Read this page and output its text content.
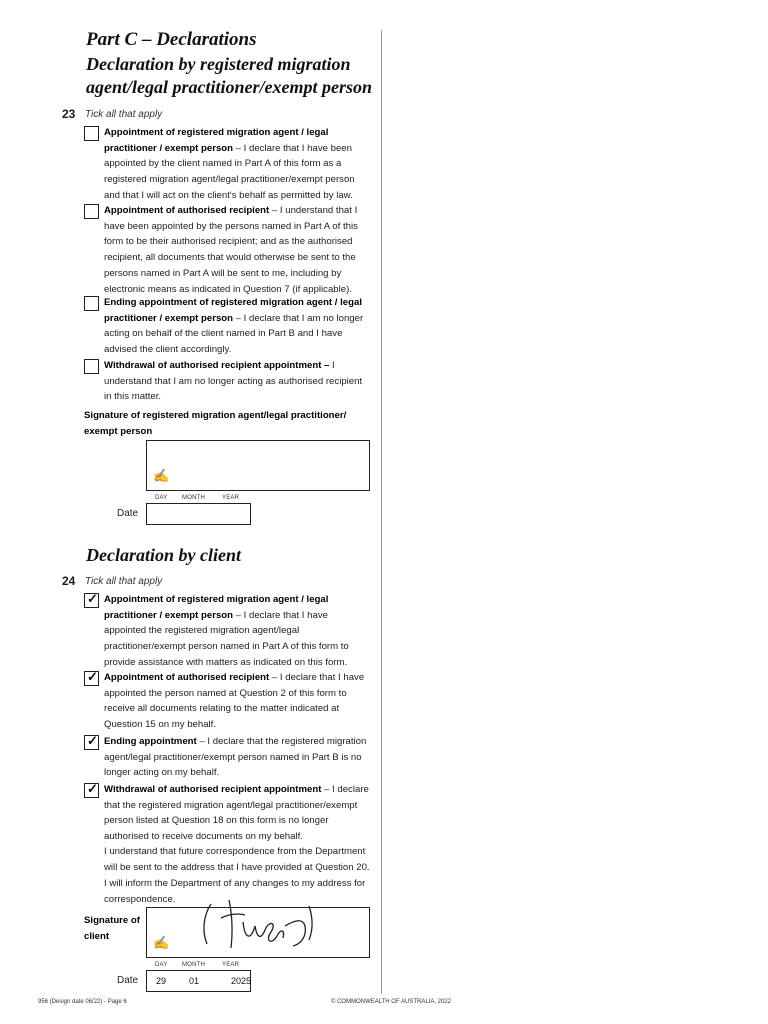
Part C – Declarations
Declaration by registered migration agent/legal practitioner/exempt person
23 Tick all that apply
Appointment of registered migration agent / legal practitioner / exempt person – I declare that I have been appointed by the client named in Part A of this form as a registered migration agent/legal practitioner/exempt person and that I will act on the client's behalf as permitted by law.
Appointment of authorised recipient – I understand that I have been appointed by the persons named in Part A of this form to be their authorised recipient; and as the authorised recipient, all documents that would otherwise be sent to the persons named in Part A will be sent to me, including by electronic means as indicated in Question 7 (if applicable).
Ending appointment of registered migration agent / legal practitioner / exempt person – I declare that I am no longer acting on behalf of the client named in Part B and I have advised the client accordingly.
Withdrawal of authorised recipient appointment – I understand that I am no longer acting as authorised recipient in this matter.
Signature of registered migration agent/legal practitioner/ exempt person
✍
DAY MONTH	YEAR
Date
Declaration by client
24 Tick all that apply
✓ Appointment of registered migration agent / legal practitioner / exempt person – I declare that I have appointed the registered migration agent/legal practitioner/exempt person named in Part A of this form to provide assistance with matters as indicated on this form.
✓ Appointment of authorised recipient – I declare that I have appointed the person named at Question 2 of this form to receive all documents relating to the matter indicated at Question 15 on my behalf.
✓ Ending appointment – I declare that the registered migration agent/legal practitioner/exempt person named in Part B is no longer acting on my behalf.
✓ Withdrawal of authorised recipient appointment – I declare that the registered migration agent/legal practitioner/exempt person listed at Question 18 on this form is no longer authorised to receive documents on my behalf.
I understand that future correspondence from the Department will be sent to the address that I have provided at Question 20.
I will inform the Department of any changes to my address for correspondence.
Signature of client	✍
DAY MONTH	YEAR
Date 29	01	2025
956 (Design date 06/22) - Page 6	© COMMONWEALTH OF AUSTRALIA, 2022
